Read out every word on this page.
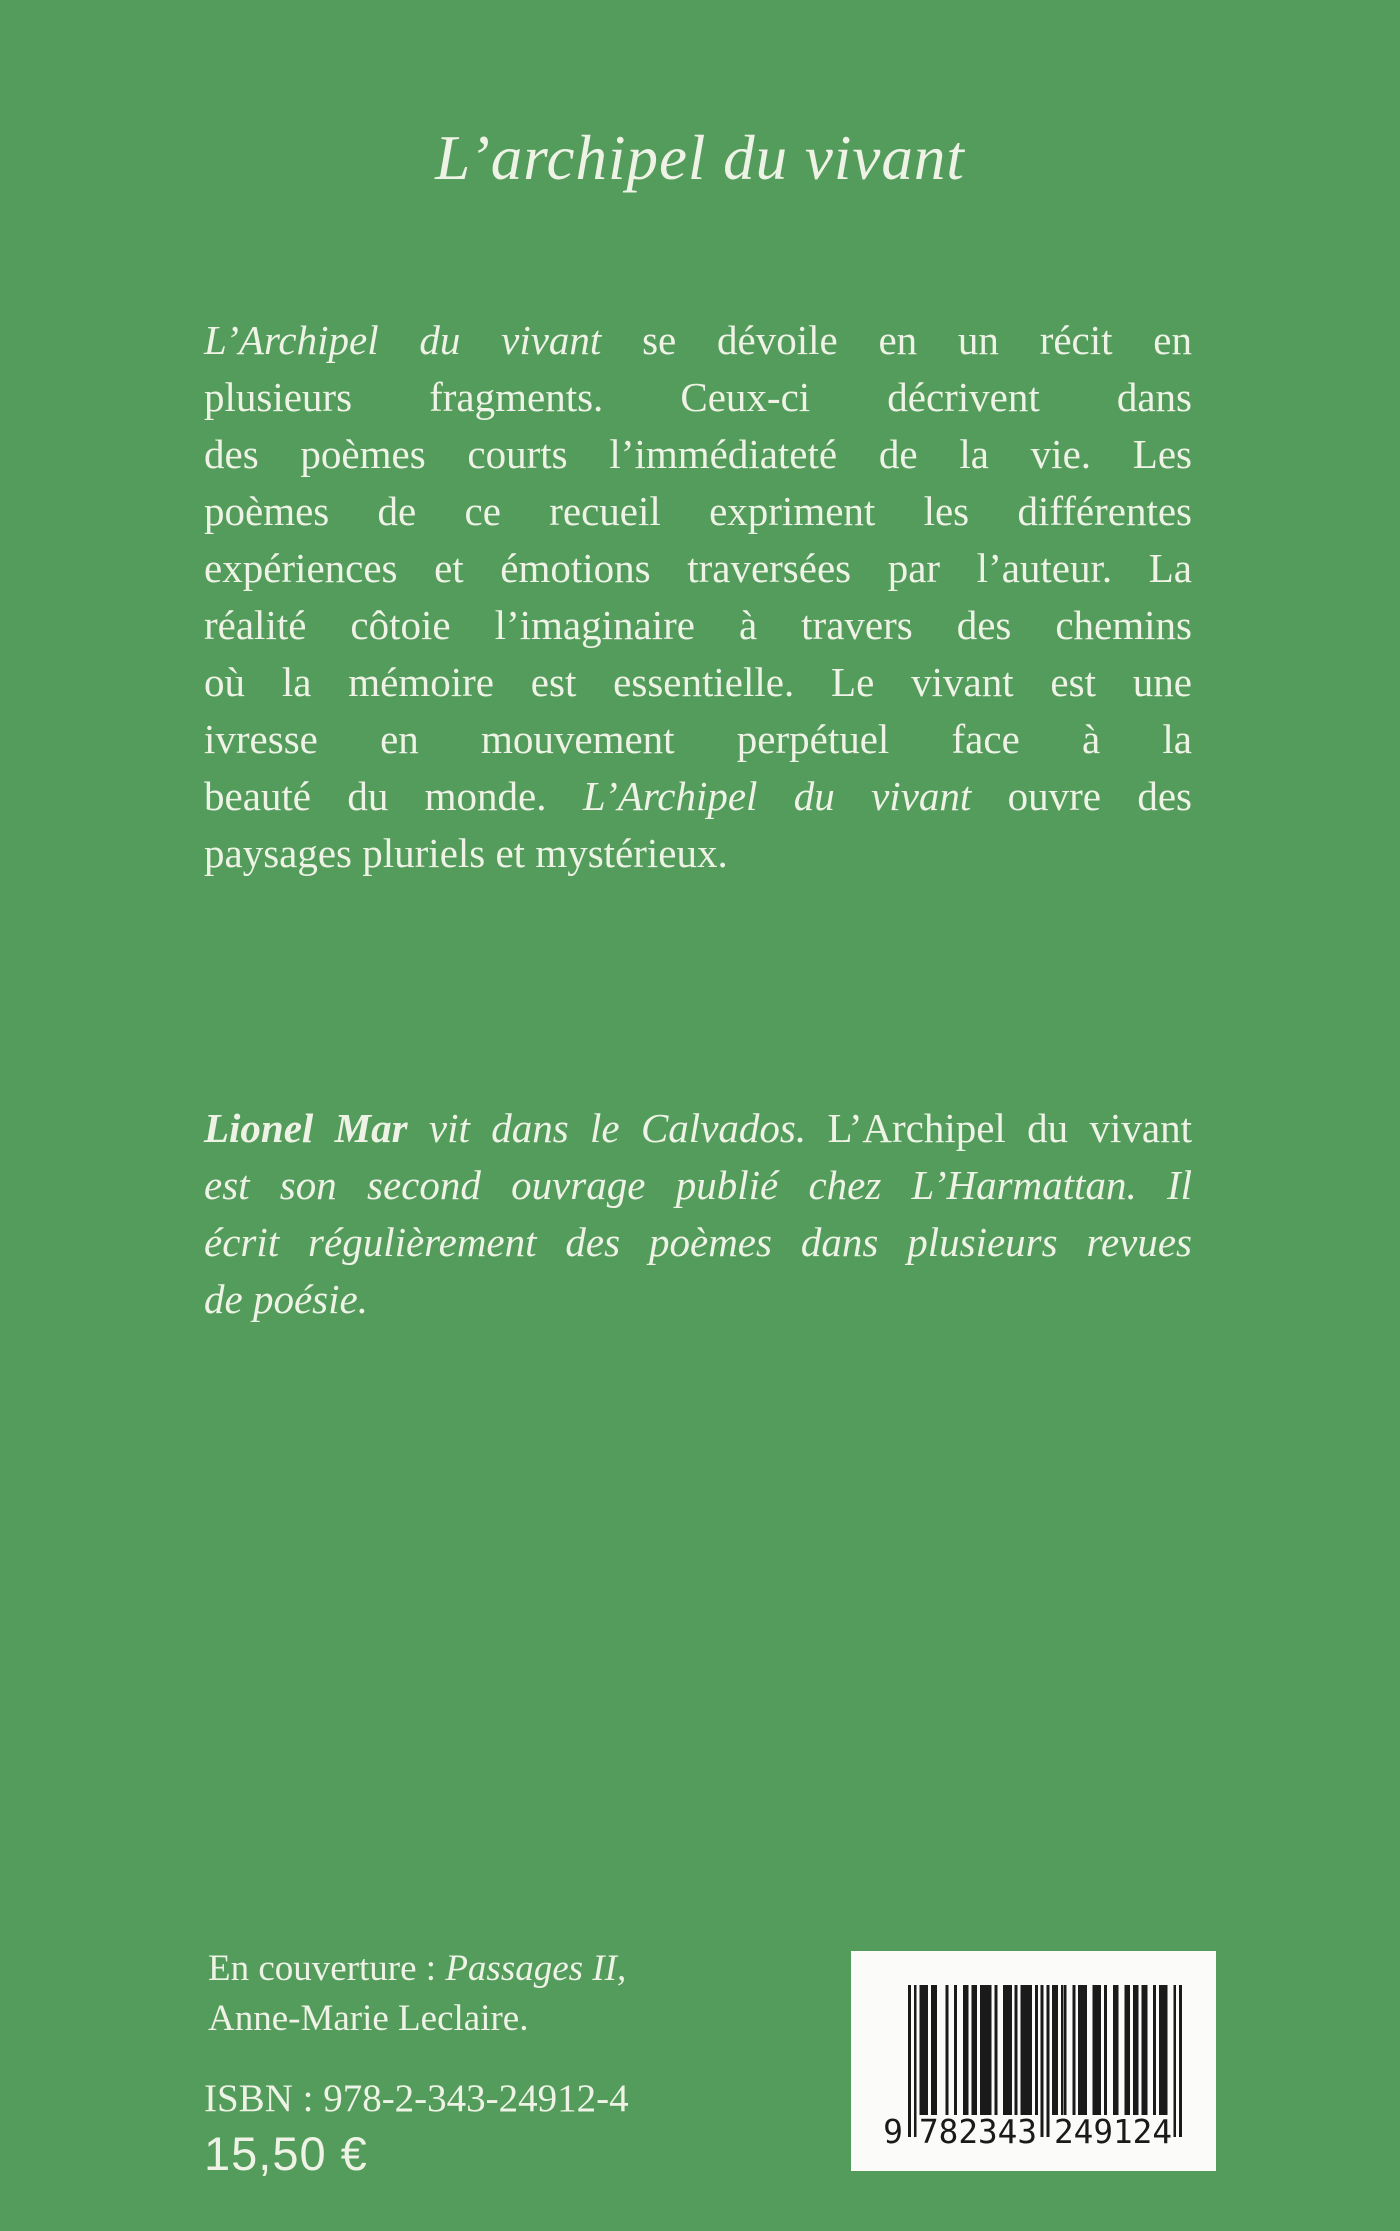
L’archipel du vivant
L’Archipel du vivant se dévoile en un récit en
plusieurs fragments. Ceux-ci décrivent dans
des poèmes courts l’immédiateté de la vie. Les
poèmes de ce recueil expriment les différentes
expériences et émotions traversées par l’auteur. La
réalité côtoie l’imaginaire à travers des chemins
où la mémoire est essentielle. Le vivant est une
ivresse en mouvement perpétuel face à la
beauté du monde. L’Archipel du vivant ouvre des
paysages pluriels et mystérieux.
Lionel Mar vit dans le Calvados. L’Archipel du vivant
est son second ouvrage publié chez L’Harmattan. Il
écrit régulièrement des poèmes dans plusieurs revues
de poésie.
En couverture : Passages II,
Anne-Marie Leclaire.
ISBN : 978-2-343-24912-4
15,50 €	9 782343 249124
